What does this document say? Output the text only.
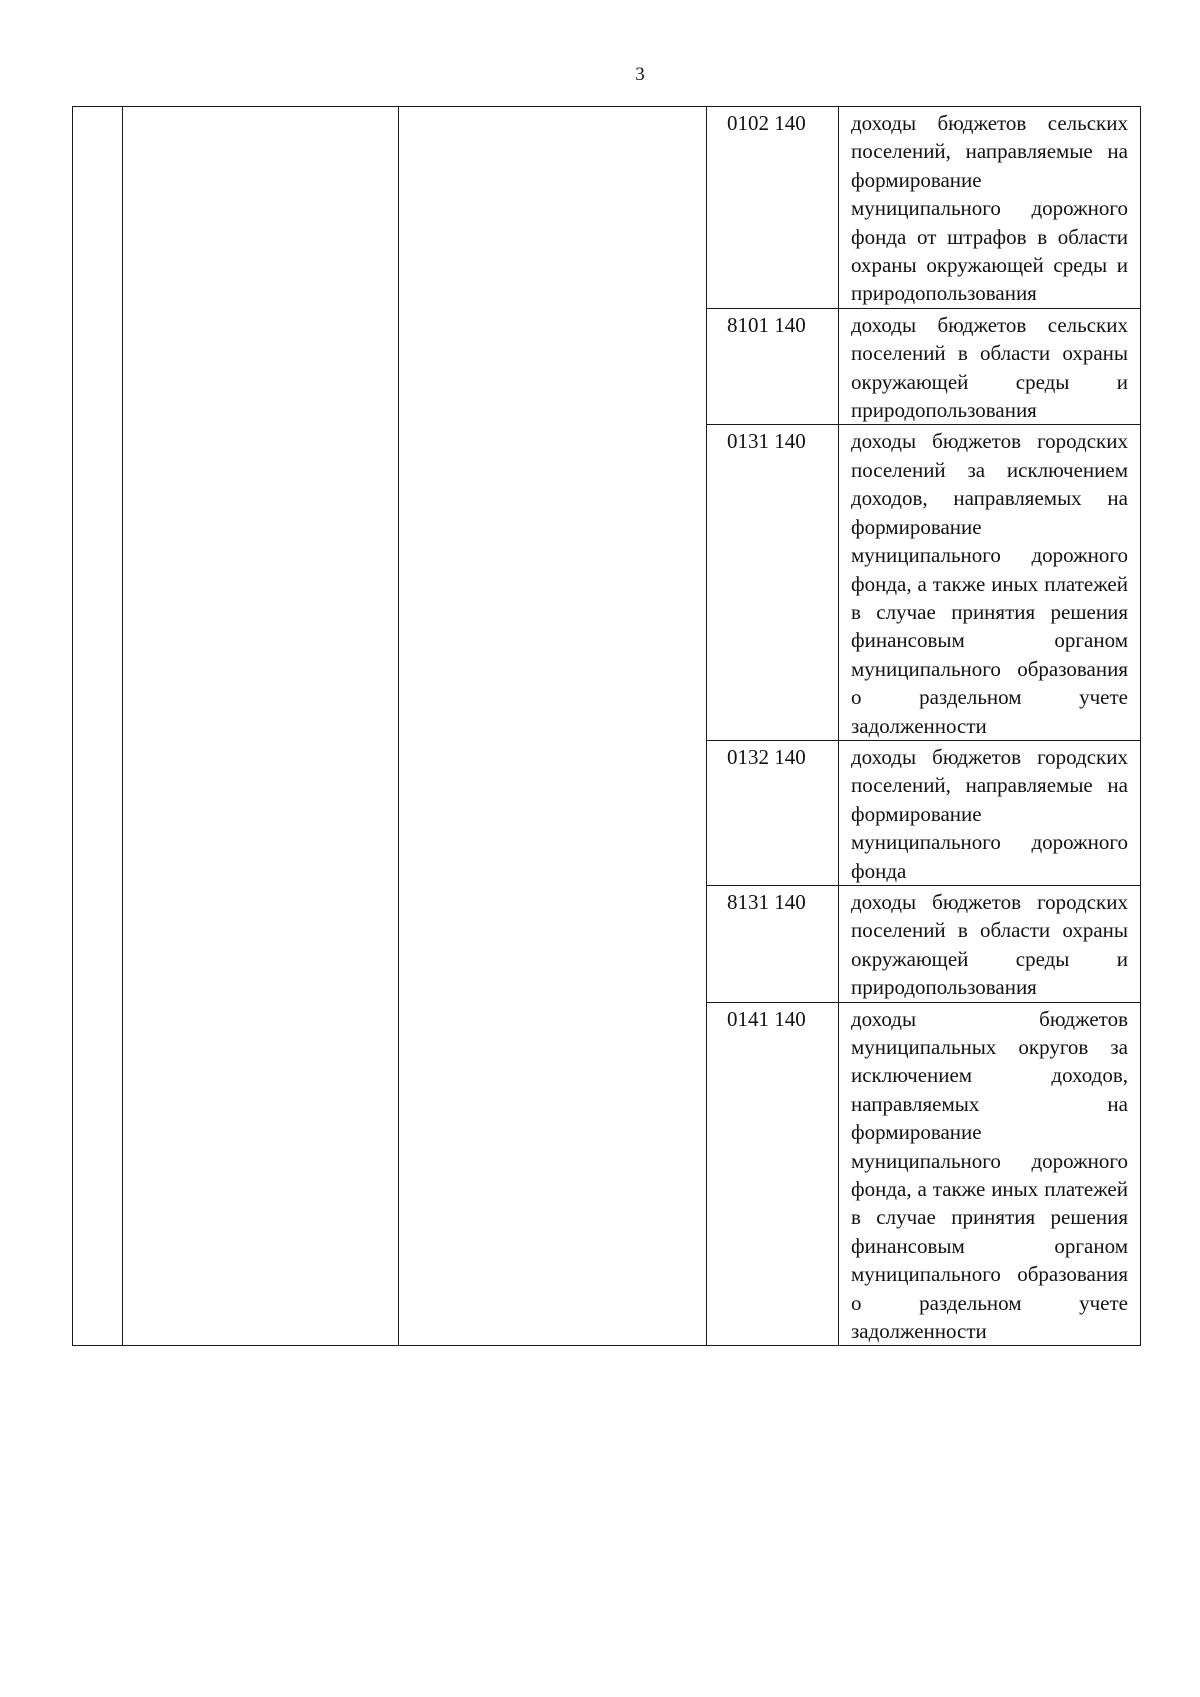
3
			0102 140	доходы бюджетов сельских поселений, направляемые на формирование муниципального дорожного фонда от штрафов в области охраны окружающей среды и природопользования
			8101 140	доходы бюджетов сельских поселений в области охраны окружающей среды и природопользования
			0131 140	доходы бюджетов городских поселений за исключением доходов, направляемых на формирование муниципального дорожного фонда, а также иных платежей в случае принятия решения финансовым органом муниципального образования о раздельном учете задолженности
			0132 140	доходы бюджетов городских поселений, направляемые на формирование муниципального дорожного фонда
			8131 140	доходы бюджетов городских поселений в области охраны окружающей среды и природопользования
			0141 140	доходы бюджетов муниципальных округов за исключением доходов, направляемых на формирование муниципального дорожного фонда, а также иных платежей в случае принятия решения финансовым органом муниципального образования о раздельном учете задолженности
